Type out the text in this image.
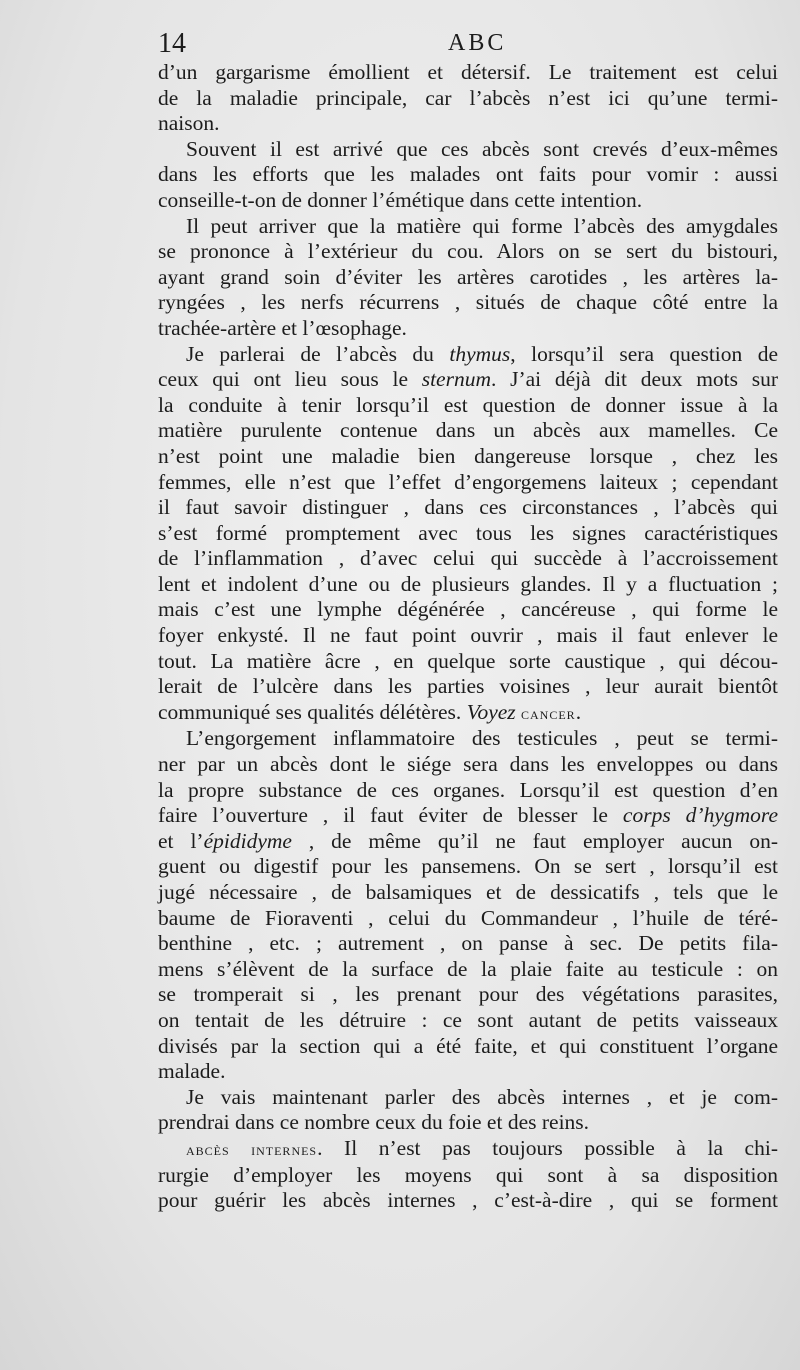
14	ABC
d’un gargarisme émollient et détersif. Le traitement est celui
de la maladie principale, car l’abcès n’est ici qu’une termi-
naison.
Souvent il est arrivé que ces abcès sont crevés d’eux-mêmes
dans les efforts que les malades ont faits pour vomir : aussi
conseille-t-on de donner l’émétique dans cette intention.
Il peut arriver que la matière qui forme l’abcès des amygdales
se prononce à l’extérieur du cou. Alors on se sert du bistouri,
ayant grand soin d’éviter les artères carotides , les artères la-
ryngées , les nerfs récurrens , situés de chaque côté entre la
trachée-artère et l’œsophage.
Je parlerai de l’abcès du thymus, lorsqu’il sera question de
ceux qui ont lieu sous le sternum. J’ai déjà dit deux mots sur
la conduite à tenir lorsqu’il est question de donner issue à la
matière purulente contenue dans un abcès aux mamelles. Ce
n’est point une maladie bien dangereuse lorsque , chez les
femmes, elle n’est que l’effet d’engorgemens laiteux ; cependant
il faut savoir distinguer , dans ces circonstances , l’abcès qui
s’est formé promptement avec tous les signes caractéristiques
de l’inflammation , d’avec celui qui succède à l’accroissement
lent et indolent d’une ou de plusieurs glandes. Il y a fluctuation ;
mais c’est une lymphe dégénérée , cancéreuse , qui forme le
foyer enkysté. Il ne faut point ouvrir , mais il faut enlever le
tout. La matière âcre , en quelque sorte caustique , qui décou-
lerait de l’ulcère dans les parties voisines , leur aurait bientôt
communiqué ses qualités délétères. Voyez cancer.
L’engorgement inflammatoire des testicules , peut se termi-
ner par un abcès dont le siége sera dans les enveloppes ou dans
la propre substance de ces organes. Lorsqu’il est question d’en
faire l’ouverture , il faut éviter de blesser le corps d’hygmore
et l’épididyme , de même qu’il ne faut employer aucun on-
guent ou digestif pour les pansemens. On se sert , lorsqu’il est
jugé nécessaire , de balsamiques et de dessicatifs , tels que le
baume de Fioraventi , celui du Commandeur , l’huile de téré-
benthine , etc. ; autrement , on panse à sec. De petits fila-
mens s’élèvent de la surface de la plaie faite au testicule : on
se tromperait si , les prenant pour des végétations parasites,
on tentait de les détruire : ce sont autant de petits vaisseaux
divisés par la section qui a été faite, et qui constituent l’organe
malade.
Je vais maintenant parler des abcès internes , et je com-
prendrai dans ce nombre ceux du foie et des reins.
abcès internes. Il n’est pas toujours possible à la chi-
rurgie d’employer les moyens qui sont à sa disposition
pour guérir les abcès internes , c’est-à-dire , qui se forment
